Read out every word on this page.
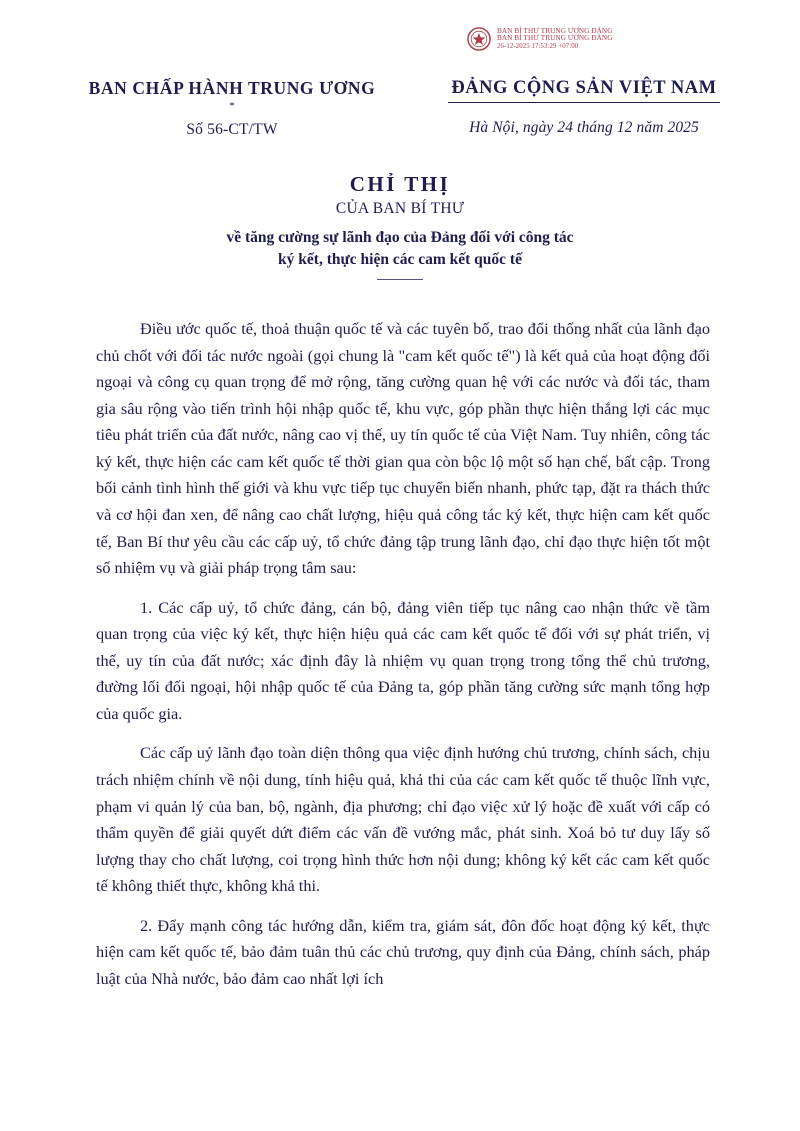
BAN BÍ THƯ TRUNG ƯƠNG ĐẢNG
BAN BÍ THƯ TRUNG ƯƠNG ĐẢNG
26-12-2025 17:53:29 +07:00
BAN CHẤP HÀNH TRUNG ƯƠNG
*
Số 56-CT/TW
ĐẢNG CỘNG SẢN VIỆT NAM
Hà Nội, ngày 24 tháng 12 năm 2025
CHỈ THỊ
CỦA BAN BÍ THƯ
về tăng cường sự lãnh đạo của Đảng đối với công tác
ký kết, thực hiện các cam kết quốc tế

Điều ước quốc tế, thoả thuận quốc tế và các tuyên bố, trao đổi thống nhất của lãnh đạo chủ chốt với đối tác nước ngoài (gọi chung là "cam kết quốc tế") là kết quả của hoạt động đối ngoại và công cụ quan trọng để mở rộng, tăng cường quan hệ với các nước và đối tác, tham gia sâu rộng vào tiến trình hội nhập quốc tế, khu vực, góp phần thực hiện thắng lợi các mục tiêu phát triển của đất nước, nâng cao vị thế, uy tín quốc tế của Việt Nam. Tuy nhiên, công tác ký kết, thực hiện các cam kết quốc tế thời gian qua còn bộc lộ một số hạn chế, bất cập. Trong bối cảnh tình hình thế giới và khu vực tiếp tục chuyển biến nhanh, phức tạp, đặt ra thách thức và cơ hội đan xen, để nâng cao chất lượng, hiệu quả công tác ký kết, thực hiện cam kết quốc tế, Ban Bí thư yêu cầu các cấp uỷ, tổ chức đảng tập trung lãnh đạo, chỉ đạo thực hiện tốt một số nhiệm vụ và giải pháp trọng tâm sau:

1. Các cấp uỷ, tổ chức đảng, cán bộ, đảng viên tiếp tục nâng cao nhận thức về tầm quan trọng của việc ký kết, thực hiện hiệu quả các cam kết quốc tế đối với sự phát triển, vị thế, uy tín của đất nước; xác định đây là nhiệm vụ quan trọng trong tổng thể chủ trương, đường lối đối ngoại, hội nhập quốc tế của Đảng ta, góp phần tăng cường sức mạnh tổng hợp của quốc gia.

Các cấp uỷ lãnh đạo toàn diện thông qua việc định hướng chủ trương, chính sách, chịu trách nhiệm chính về nội dung, tính hiệu quả, khả thi của các cam kết quốc tế thuộc lĩnh vực, phạm vi quản lý của ban, bộ, ngành, địa phương; chỉ đạo việc xử lý hoặc đề xuất với cấp có thẩm quyền để giải quyết dứt điểm các vấn đề vướng mắc, phát sinh. Xoá bỏ tư duy lấy số lượng thay cho chất lượng, coi trọng hình thức hơn nội dung; không ký kết các cam kết quốc tế không thiết thực, không khả thi.

2. Đẩy mạnh công tác hướng dẫn, kiểm tra, giám sát, đôn đốc hoạt động ký kết, thực hiện cam kết quốc tế, bảo đảm tuân thủ các chủ trương, quy định của Đảng, chính sách, pháp luật của Nhà nước, bảo đảm cao nhất lợi ích
